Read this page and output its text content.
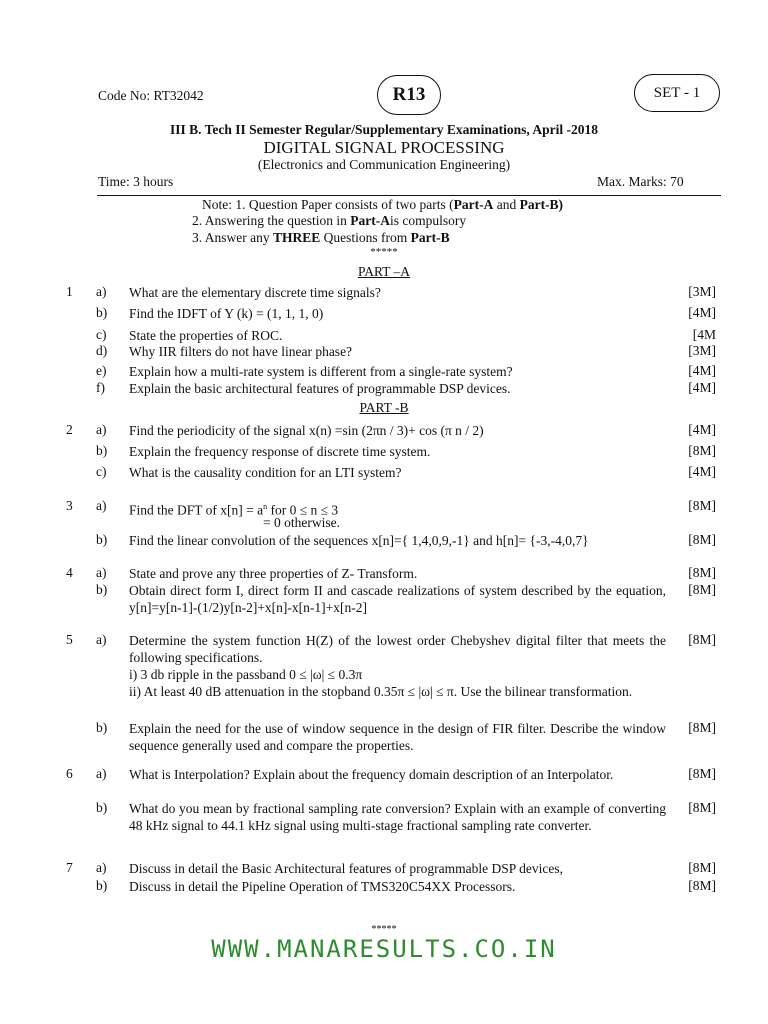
Code No: RT32042	R13	SET - 1
III B. Tech II Semester Regular/Supplementary Examinations, April -2018
DIGITAL SIGNAL PROCESSING
(Electronics and Communication Engineering)
Time: 3 hours	Max. Marks: 70
Note: 1. Question Paper consists of two parts (Part-A and Part-B)
2. Answering the question in Part-Ais compulsory
3. Answer any THREE Questions from Part-B
*****
PART –A
1 a) What are the elementary discrete time signals?	[3M]
b) Find the IDFT of Y (k) = (1, 1, 1, 0)	[4M]
c) State the properties of ROC.	[4M
d) Why IIR filters do not have linear phase?	[3M]
e) Explain how a multi-rate system is different from a single-rate system?	[4M]
f) Explain the basic architectural features of programmable DSP devices.	[4M]
PART -B
2 a) Find the periodicity of the signal x(n) =sin (2πn / 3)+ cos (π n / 2)	[4M]
b) Explain the frequency response of discrete time system.	[8M]
c) What is the causality condition for an LTI system?	[4M]
3 a) Find the DFT of $x[n] = a^n$ for 0 ≤ n ≤ 3	[8M]
= 0 otherwise.
b) Find the linear convolution of the sequences x[n]={ 1,4,0,9,-1} and h[n]= {-3,-4,0,7}	[8M]
4 a) State and prove any three properties of Z- Transform.	[8M]
b) Obtain direct form I, direct form II and cascade realizations of system described by the equation, y[n]=y[n-1]-(1/2)y[n-2]+x[n]-x[n-1]+x[n-2]
[8M]
5 a) Determine the system function H(Z) of the lowest order Chebyshev digital filter that meets the following specifications.
i) 3 db ripple in the passband 0 ≤ |ω| ≤ 0.3π
ii) At least 40 dB attenuation in the stopband 0.35π ≤ |ω| ≤ π. Use the bilinear transformation.
[8M]
b) Explain the need for the use of window sequence in the design of FIR filter. Describe the window sequence generally used and compare the properties.
[8M]
6 a) What is Interpolation? Explain about the frequency domain description of an Interpolator.	[8M]
b) What do you mean by fractional sampling rate conversion? Explain with an example of converting 48 kHz signal to 44.1 kHz signal using multi-stage fractional sampling rate converter.
[8M]
7 a) Discuss in detail the Basic Architectural features of programmable DSP devices,	[8M]
b) Discuss in detail the Pipeline Operation of TMS320C54XX Processors.	[8M]
*****
WWW.MANARESULTS.CO.IN
